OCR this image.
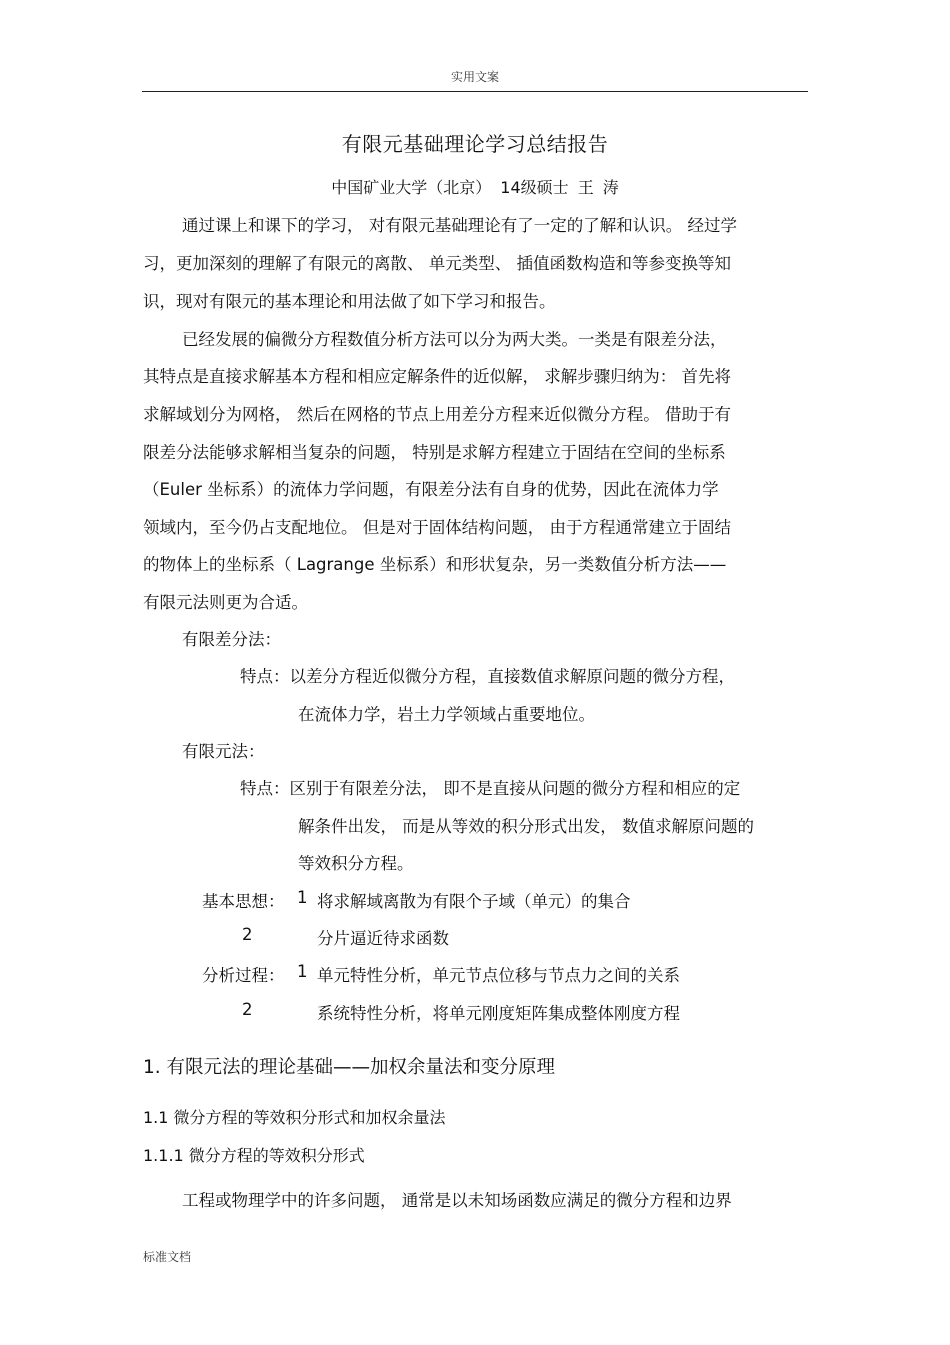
实用文案
有限元基础理论学习总结报告
中国矿业大学（北京） 14级硕士 王 涛
通过课上和课下的学习， 对有限元基础理论有了一定的了解和认识。 经过学
习，更加深刻的理解了有限元的离散、 单元类型、 插值函数构造和等参变换等知
识，现对有限元的基本理论和用法做了如下学习和报告。
已经发展的偏微分方程数值分析方法可以分为两大类。一类是有限差分法，
其特点是直接求解基本方程和相应定解条件的近似解， 求解步骤归纳为： 首先将
求解域划分为网格， 然后在网格的节点上用差分方程来近似微分方程。 借助于有
限差分法能够求解相当复杂的问题， 特别是求解方程建立于固结在空间的坐标系
（Euler 坐标系）的流体力学问题，有限差分法有自身的优势，因此在流体力学
领域内，至今仍占支配地位。 但是对于固体结构问题， 由于方程通常建立于固结
的物体上的坐标系（ Lagrange 坐标系）和形状复杂，另一类数值分析方法——
有限元法则更为合适。
有限差分法：
特点：以差分方程近似微分方程，直接数值求解原问题的微分方程，
在流体力学，岩土力学领域占重要地位。
有限元法：
特点：区别于有限差分法， 即不是直接从问题的微分方程和相应的定
解条件出发， 而是从等效的积分形式出发， 数值求解原问题的
等效积分方程。
基本思想： 1 将求解域离散为有限个子域（单元）的集合
2	分片逼近待求函数
分析过程： 1 单元特性分析，单元节点位移与节点力之间的关系
2	系统特性分析，将单元刚度矩阵集成整体刚度方程
1. 有限元法的理论基础——加权余量法和变分原理
1.1 微分方程的等效积分形式和加权余量法
1.1.1 微分方程的等效积分形式
工程或物理学中的许多问题， 通常是以未知场函数应满足的微分方程和边界
标准文档
